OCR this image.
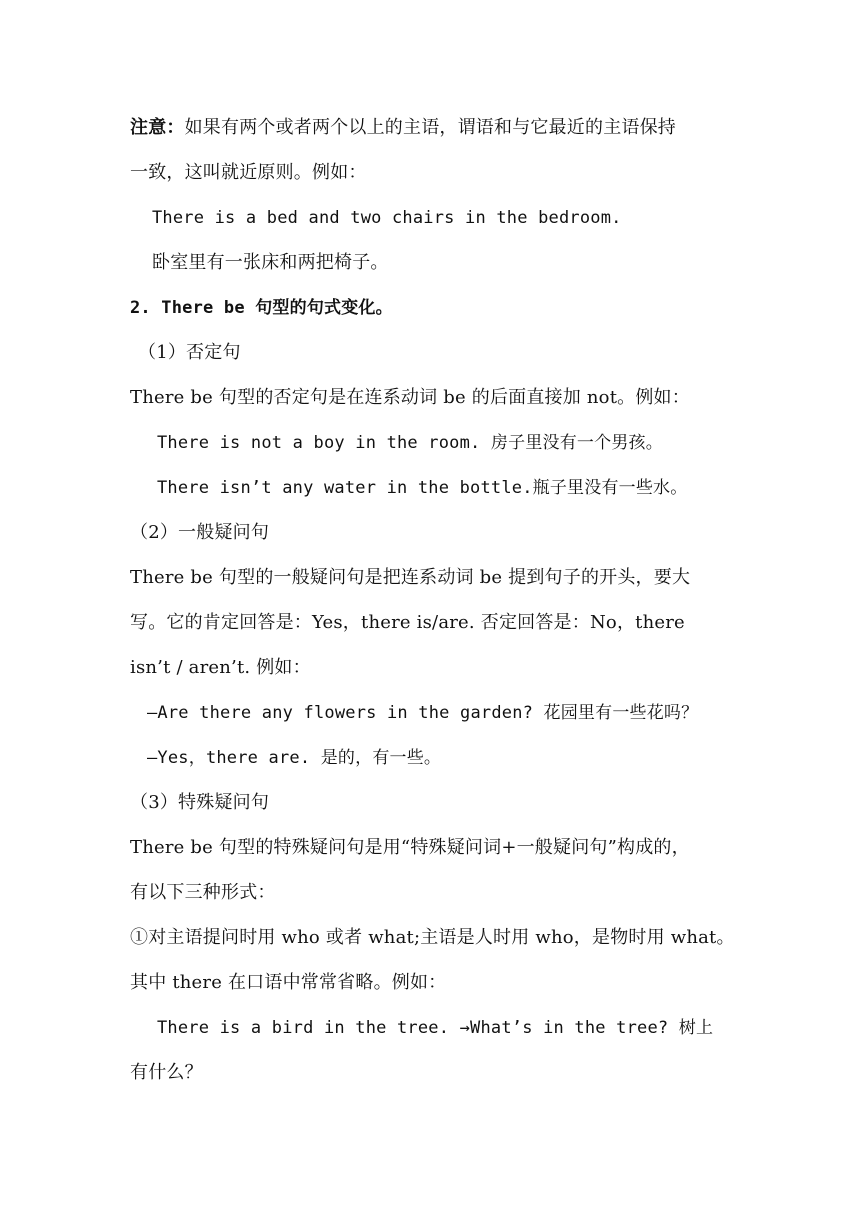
注意：如果有两个或者两个以上的主语，谓语和与它最近的主语保持
一致，这叫就近原则。例如：
There is a bed and two chairs in the bedroom.
卧室里有一张床和两把椅子。
2. There be 句型的句式变化。
（1）否定句
There be 句型的否定句是在连系动词 be 的后面直接加 not。例如：
There is not a boy in the room. 房子里没有一个男孩。
There isn’t any water in the bottle.瓶子里没有一些水。
（2）一般疑问句
There be 句型的一般疑问句是把连系动词 be 提到句子的开头，要大
写。它的肯定回答是：Yes，there is/are. 否定回答是：No，there
isn’t / aren’t. 例如：
—Are there any flowers in the garden? 花园里有一些花吗？
—Yes，there are. 是的，有一些。
（3）特殊疑问句
There be 句型的特殊疑问句是用“特殊疑问词+一般疑问句”构成的，
有以下三种形式：
①对主语提问时用 who 或者 what;主语是人时用 who，是物时用 what。
其中 there 在口语中常常省略。例如：
There is a bird in the tree. →What’s in the tree? 树上
有什么？
